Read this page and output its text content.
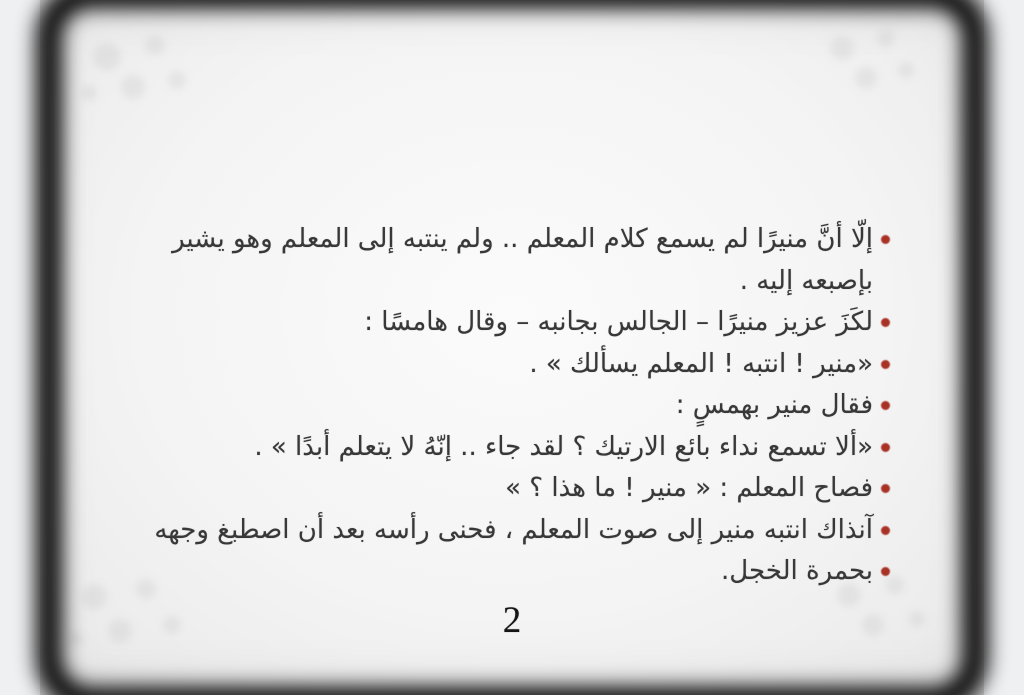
إلّا أنَّ منيرًا لم يسمع كلام المعلم .. ولم ينتبه إلى المعلم وهو يشير
بإصبعه إليه .
لكَزَ عزيز منيرًا – الجالس بجانبه – وقال هامسًا :
«منير ! انتبه ! المعلم يسألك » .
فقال منير بهمسٍ :
«ألا تسمع نداء بائع الارتيك ؟ لقد جاء .. إنّهُ لا يتعلم أبدًا » .
فصاح المعلم : « منير ! ما هذا ؟ »
آنذاك انتبه منير إلى صوت المعلم ، فحنى رأسه بعد أن اصطبغ وجهه
بحمرة الخجل.
2
